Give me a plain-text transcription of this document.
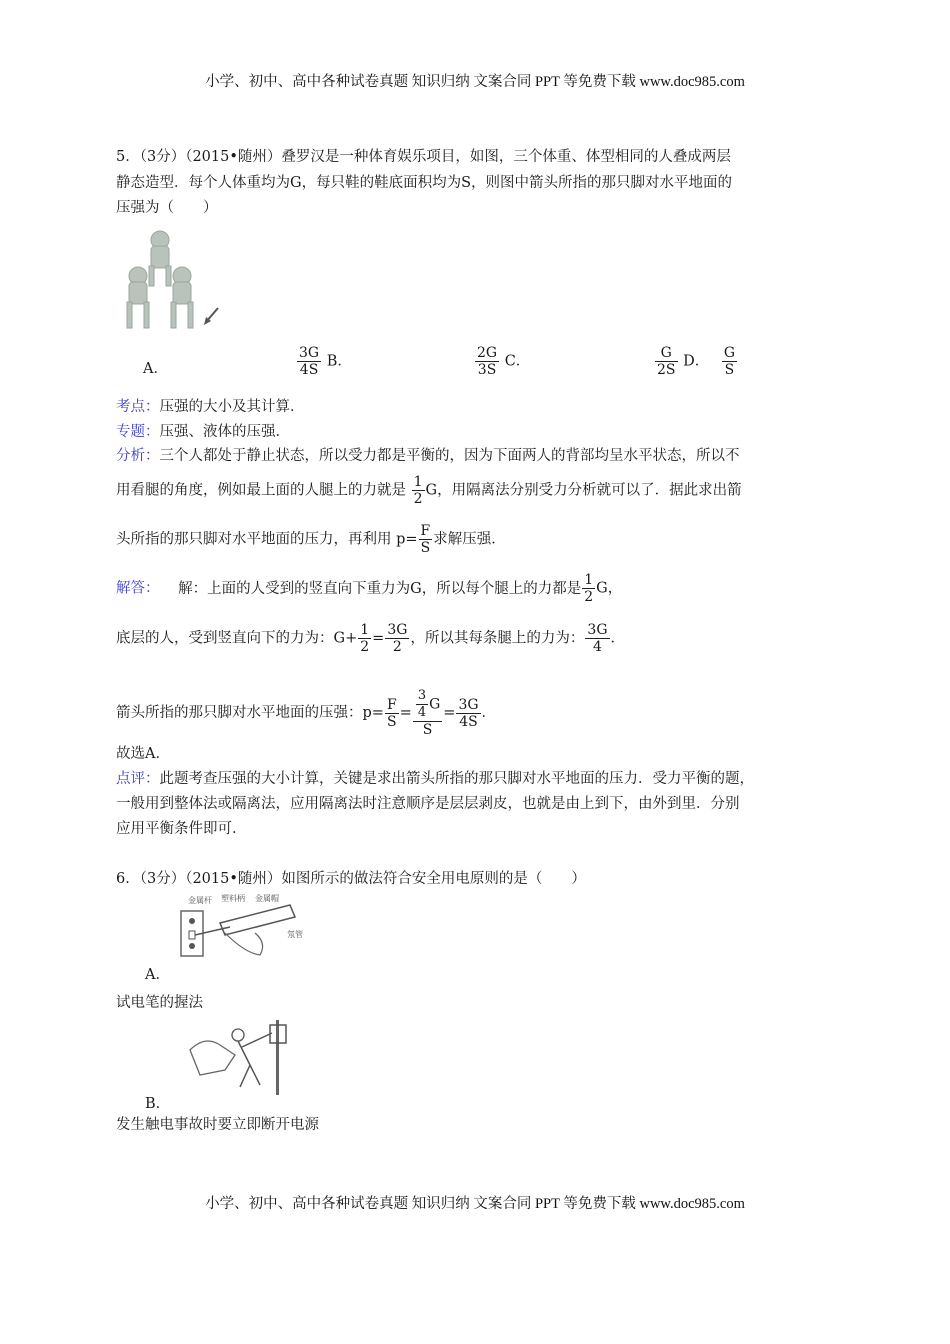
小学、初中、高中各种试卷真题 知识归纳 文案合同 PPT 等免费下载 www.doc985.com
5．（3分）（2015•随州）叠罗汉是一种体育娱乐项目，如图，三个体重、体型相同的人叠成两层
静态造型．每个人体重均为G，每只鞋的鞋底面积均为S，则图中箭头所指的那只脚对水平地面的
压强为（　　）
A．	$\frac{3G}{4S}$ B．	$\frac{2G}{3S}$ C．	$\frac{G}{2S}$ D． $\frac{G}{S}$
考点：压强的大小及其计算．
专题：压强、液体的压强．
分析：三个人都处于静止状态，所以受力都是平衡的，因为下面两人的背部均呈水平状态，所以不
用看腿的角度，例如最上面的人腿上的力就是 $\frac{1}{2}$ G，用隔离法分别受力分析就可以了．据此求出箭
头所指的那只脚对水平地面的压力，再利用 $p= \frac{F}{S}$ 求解压强．
解答： 解：上面的人受到的竖直向下重力为G，所以每个腿上的力都是 $\frac{1}{2}$ G，
底层的人，受到竖直向下的力为：$G+ \frac{1}{2} = \frac{3G}{2}$ ，所以其每条腿上的力为： $\frac{3G}{4}$ ．
箭头所指的那只脚对水平地面的压强：$p= \frac{F}{S} = \frac{\frac{3}{4} G}{S} = \frac{3G}{4S}$ ．
故选A．
点评：此题考查压强的大小计算，关键是求出箭头所指的那只脚对水平地面的压力．受力平衡的题，
一般用到整体法或隔离法，应用隔离法时注意顺序是层层剥皮，也就是由上到下，由外到里．分别
应用平衡条件即可．
6．（3分）（2015•随州）如图所示的做法符合安全用电原则的是（　　）
金属杆 塑料柄 金属帽
氖管
A．
试电笔的握法
B．
发生触电事故时要立即断开电源
小学、初中、高中各种试卷真题 知识归纳 文案合同 PPT 等免费下载 www.doc985.com
